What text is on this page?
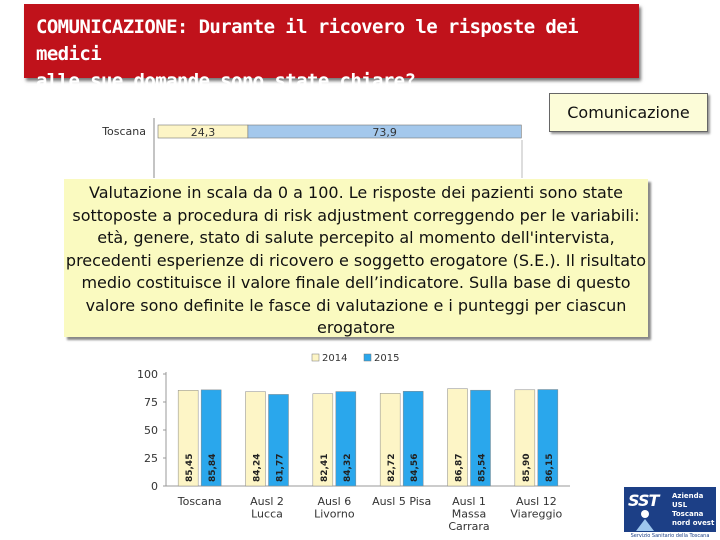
COMUNICAZIONE: Durante il ricovero le risposte dei medici
alle sue domande sono state chiare?
Comunicazione
Toscana	24,3	73,9
Valutazione in scala da 0 a 100. Le risposte dei pazienti sono state sottoposte a procedura di risk adjustment correggendo per le variabili: età, genere, stato di salute percepito al momento dell'intervista, precedenti esperienze di ricovero e soggetto erogatore (S.E.). Il risultato medio costituisce il valore finale dell’indicatore. Sulla base di questo valore sono definite le fasce di valutazione e i punteggi per ciascun erogatore
2014	2015
0
25
50
75
100
85,45 85,84
Toscana
84,24 81,77
Ausl 2
Lucca
82,41 84,32
Ausl 6
Livorno
82,72 84,56
Ausl 5 Pisa
86,87 85,54
Ausl 1
Massa
Carrara
85,90 86,15
Ausl 12
Viareggio
SST Azienda
USL
Toscana
nord ovest
Servizio Sanitario della Toscana
